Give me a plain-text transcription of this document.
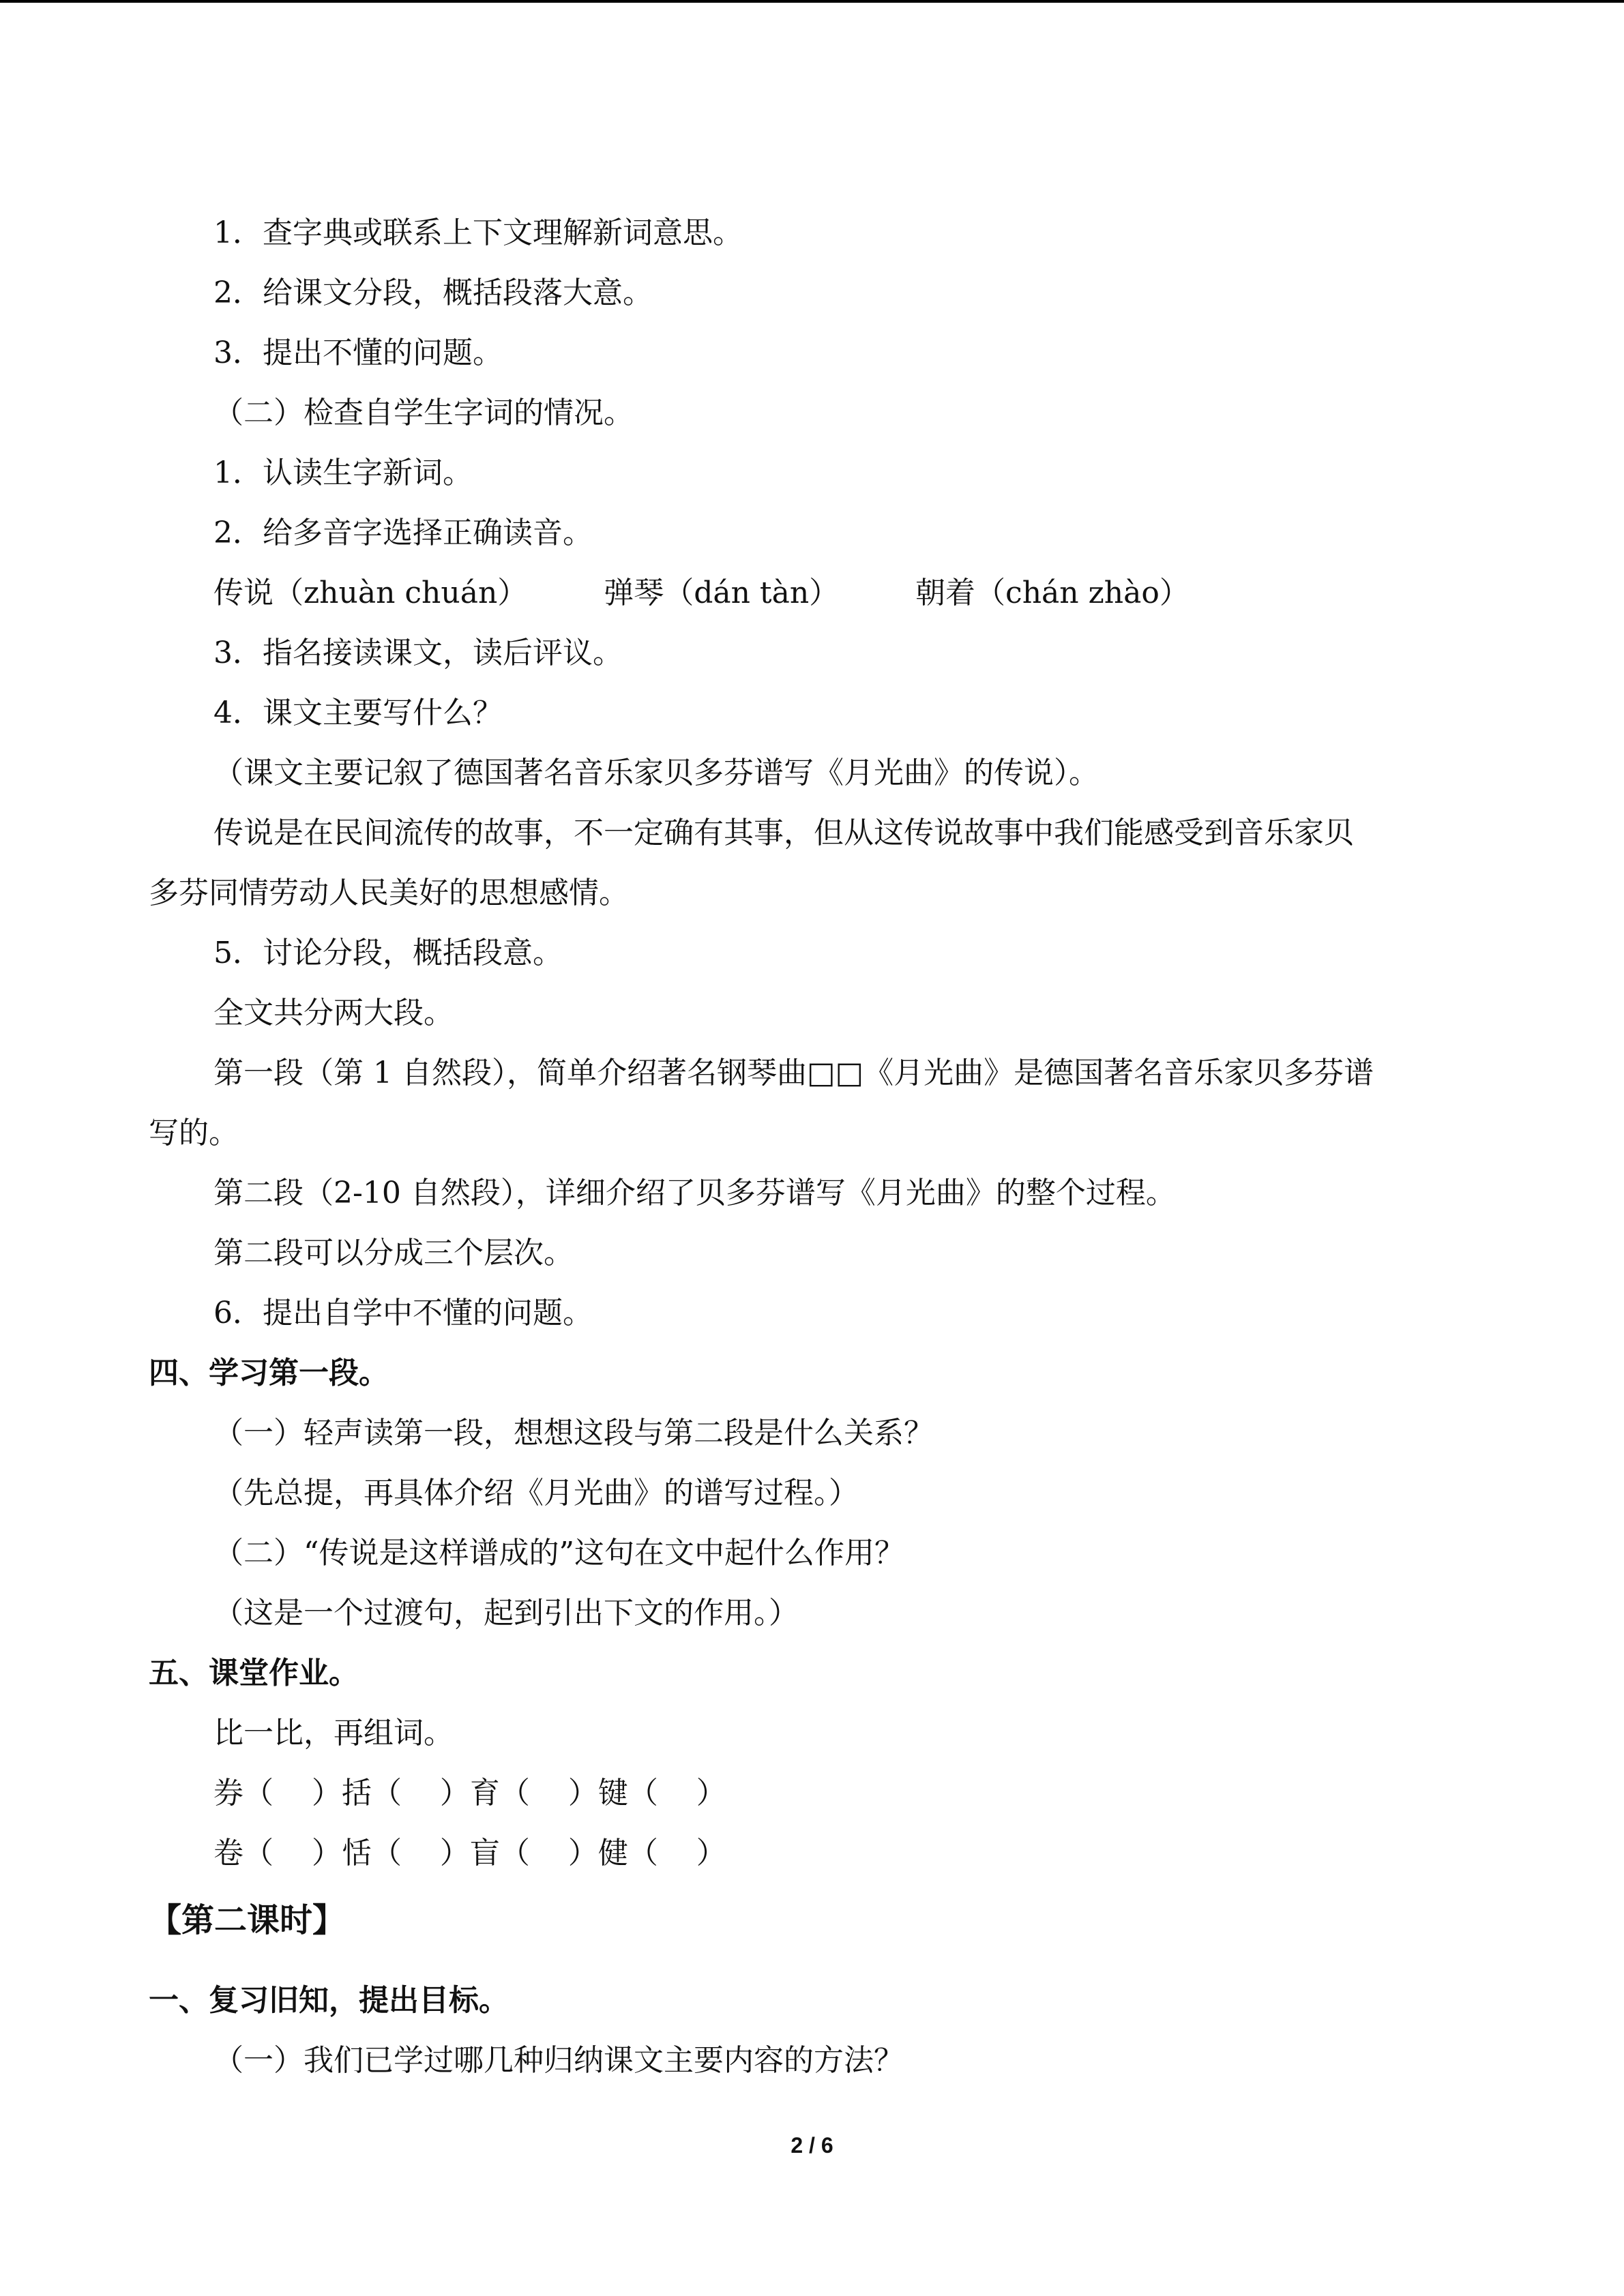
1．查字典或联系上下文理解新词意思。
2．给课文分段，概括段落大意。
3．提出不懂的问题。
（二）检查自学生字词的情况。
1．认读生字新词。
2．给多音字选择正确读音。
传说（zhuàn chuán）        弹琴（dán tàn）        朝着（chán zhào）
3．指名接读课文，读后评议。
4．课文主要写什么？
（课文主要记叙了德国著名音乐家贝多芬谱写《月光曲》的传说）。
传说是在民间流传的故事，不一定确有其事，但从这传说故事中我们能感受到音乐家贝
多芬同情劳动人民美好的思想感情。
5．讨论分段，概括段意。
全文共分两大段。
第一段（第 1 自然段），简单介绍著名钢琴曲□□《月光曲》是德国著名音乐家贝多芬谱
写的。
第二段（2-10 自然段），详细介绍了贝多芬谱写《月光曲》的整个过程。
第二段可以分成三个层次。
6．提出自学中不懂的问题。
四、学习第一段。
（一）轻声读第一段，想想这段与第二段是什么关系？
（先总提，再具体介绍《月光曲》的谱写过程。）
（二）“传说是这样谱成的”这句在文中起什么作用？
（这是一个过渡句，起到引出下文的作用。）
五、课堂作业。
比一比，再组词。
券（    ）括（    ）育（    ）键（    ）
卷（    ）恬（    ）盲（    ）健（    ）
【第二课时】
一、复习旧知，提出目标。
（一）我们已学过哪几种归纳课文主要内容的方法？
2 / 6
